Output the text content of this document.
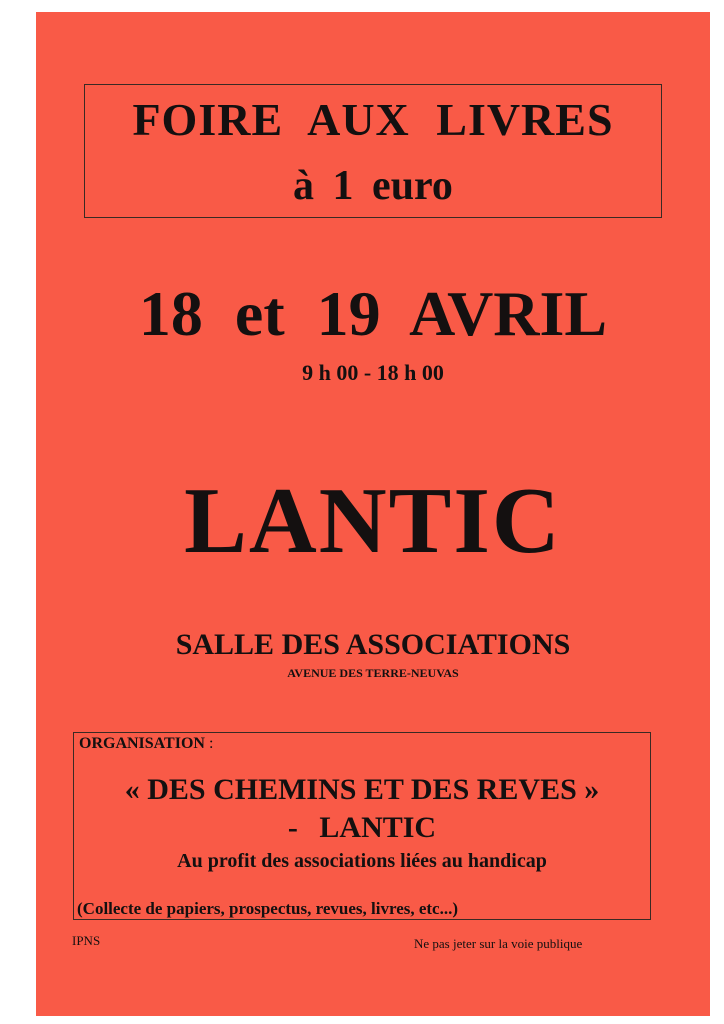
FOIRE AUX LIVRES
à 1 euro
18 et 19 AVRIL
9 h 00 - 18 h 00
LANTIC
SALLE DES ASSOCIATIONS
AVENUE DES TERRE-NEUVAS
ORGANISATION :
« DES CHEMINS ET DES REVES »
- LANTIC
Au profit des associations liées au handicap
(Collecte de papiers, prospectus, revues, livres, etc...)
IPNS	Ne pas jeter sur la voie publique
